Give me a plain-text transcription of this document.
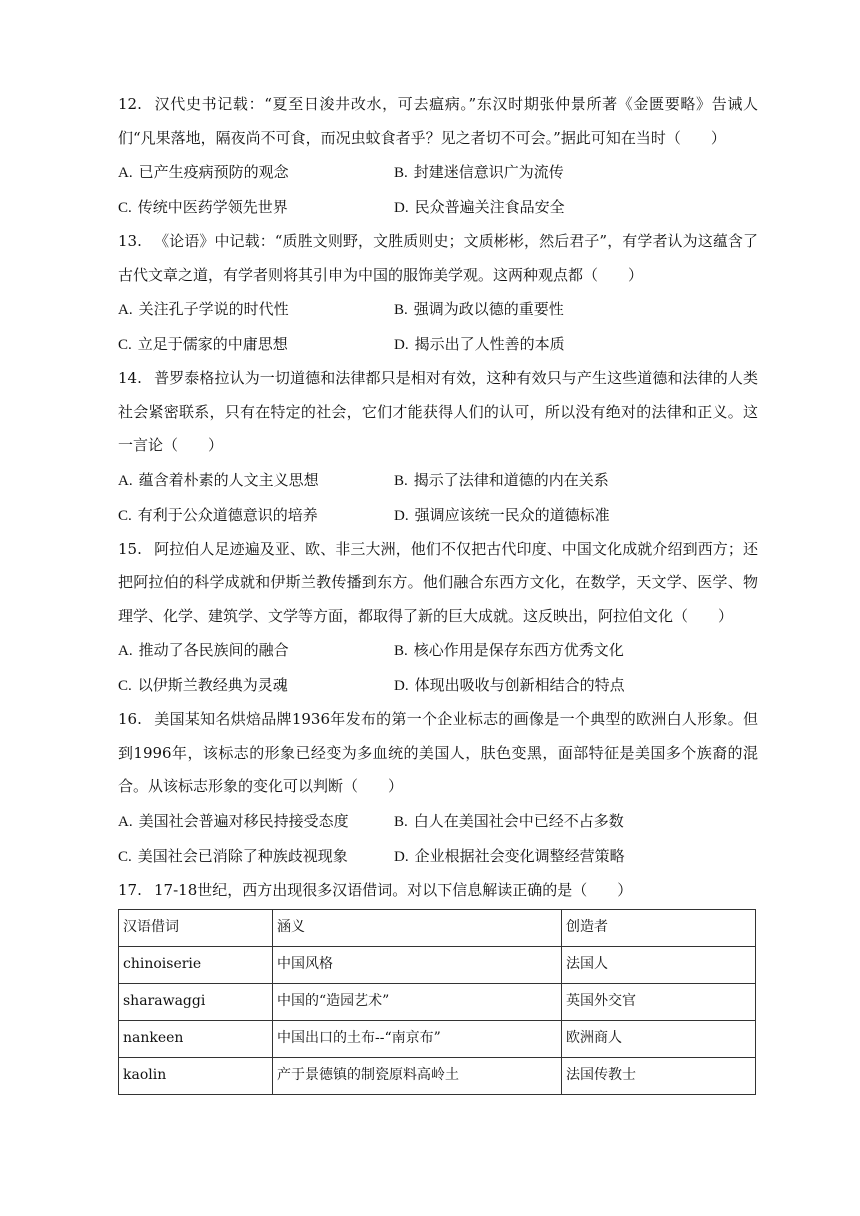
12. 汉代史书记载：“夏至日浚井改水，可去瘟病。”东汉时期张仲景所著《金匮要略》告诫人们“凡果落地，隔夜尚不可食，而况虫蚊食者乎？见之者切不可会。”据此可知在当时（　　）

A. 已产生疫病预防的观念	B. 封建迷信意识广为流传
C. 传统中医药学领先世界	D. 民众普遍关注食品安全

13. 《论语》中记载：“质胜文则野，文胜质则史；文质彬彬，然后君子”，有学者认为这蕴含了古代文章之道，有学者则将其引申为中国的服饰美学观。这两种观点都（　　）

A. 关注孔子学说的时代性	B. 强调为政以德的重要性
C. 立足于儒家的中庸思想	D. 揭示出了人性善的本质

14. 普罗泰格拉认为一切道德和法律都只是相对有效，这种有效只与产生这些道德和法律的人类社会紧密联系，只有在特定的社会，它们才能获得人们的认可，所以没有绝对的法律和正义。这一言论（　　）

A. 蕴含着朴素的人文主义思想	B. 揭示了法律和道德的内在关系
C. 有利于公众道德意识的培养	D. 强调应该统一民众的道德标准

15. 阿拉伯人足迹遍及亚、欧、非三大洲，他们不仅把古代印度、中国文化成就介绍到西方；还把阿拉伯的科学成就和伊斯兰教传播到东方。他们融合东西方文化，在数学，天文学、医学、物理学、化学、建筑学、文学等方面，都取得了新的巨大成就。这反映出，阿拉伯文化（　　）

A. 推动了各民族间的融合	B. 核心作用是保存东西方优秀文化
C. 以伊斯兰教经典为灵魂	D. 体现出吸收与创新相结合的特点

16. 美国某知名烘焙品牌1936年发布的第一个企业标志的画像是一个典型的欧洲白人形象。但到1996年，该标志的形象已经变为多血统的美国人，肤色变黑，面部特征是美国多个族裔的混合。从该标志形象的变化可以判断（　　）

A. 美国社会普遍对移民持接受态度	B. 白人在美国社会中已经不占多数
C. 美国社会已消除了种族歧视现象	D. 企业根据社会变化调整经营策略

17. 17-18世纪，西方出现很多汉语借词。对以下信息解读正确的是（　　）

汉语借词	涵义	创造者
chinoiserie	中国风格	法国人
sharawaggi	中国的“造园艺术”	英国外交官
nankeen	中国出口的土布--“南京布”	欧洲商人
kaolin	产于景德镇的制瓷原料高岭土	法国传教士
